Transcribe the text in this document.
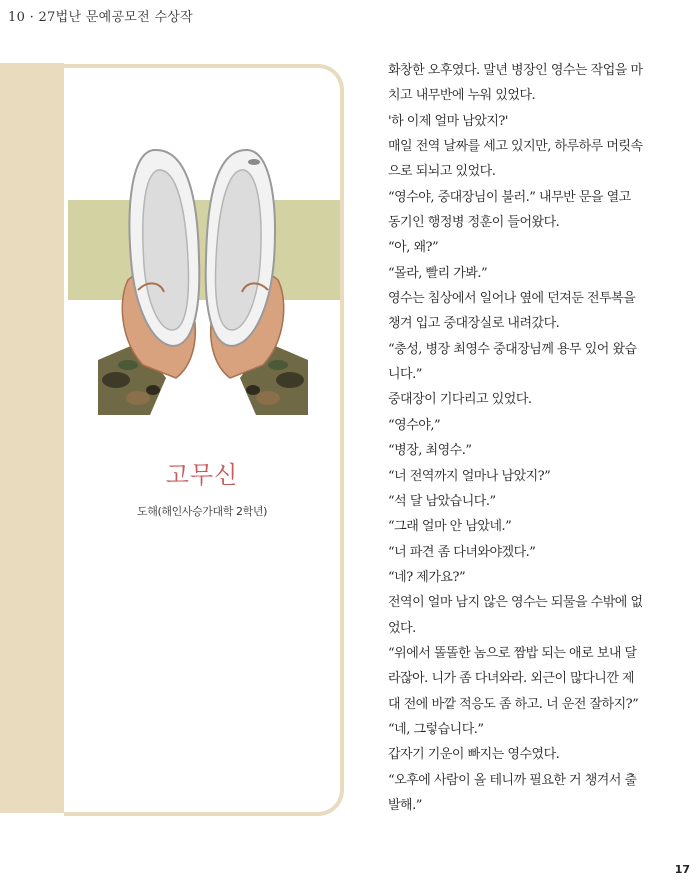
10 · 27법난 문예공모전 수상작
고무신
도해(해인사승가대학 2학년)
화창한 오후였다. 말년 병장인 영수는 작업을 마
치고 내무반에 누워 있었다.
'하 이제 얼마 남았지?'
매일 전역 날짜를 세고 있지만, 하루하루 머릿속
으로 되뇌고 있었다.
“영수야, 중대장님이 불러.” 내무반 문을 열고
동기인 행정병 정훈이 들어왔다.
“아, 왜?”
“몰라, 빨리 가봐.”
영수는 침상에서 일어나 옆에 던져둔 전투복을
챙겨 입고 중대장실로 내려갔다.
“충성, 병장 최영수 중대장님께 용무 있어 왔습
니다.”
중대장이 기다리고 있었다.
“영수야,”
“병장, 최영수.”
“너 전역까지 얼마나 남았지?”
“석 달 남았습니다.”
“그래 얼마 안 남았네.”
“너 파견 좀 다녀와야겠다.”
“네? 제가요?”
전역이 얼마 남지 않은 영수는 되물을 수밖에 없
었다.
“위에서 똘똘한 놈으로 짬밥 되는 애로 보내 달
라잖아. 니가 좀 다녀와라. 외근이 많다니깐 제
대 전에 바깥 적응도 좀 하고. 너 운전 잘하지?”
“네, 그렇습니다.”
갑자기 기운이 빠지는 영수였다.
“오후에 사람이 올 테니까 필요한 거 챙겨서 출
발해.”
17
